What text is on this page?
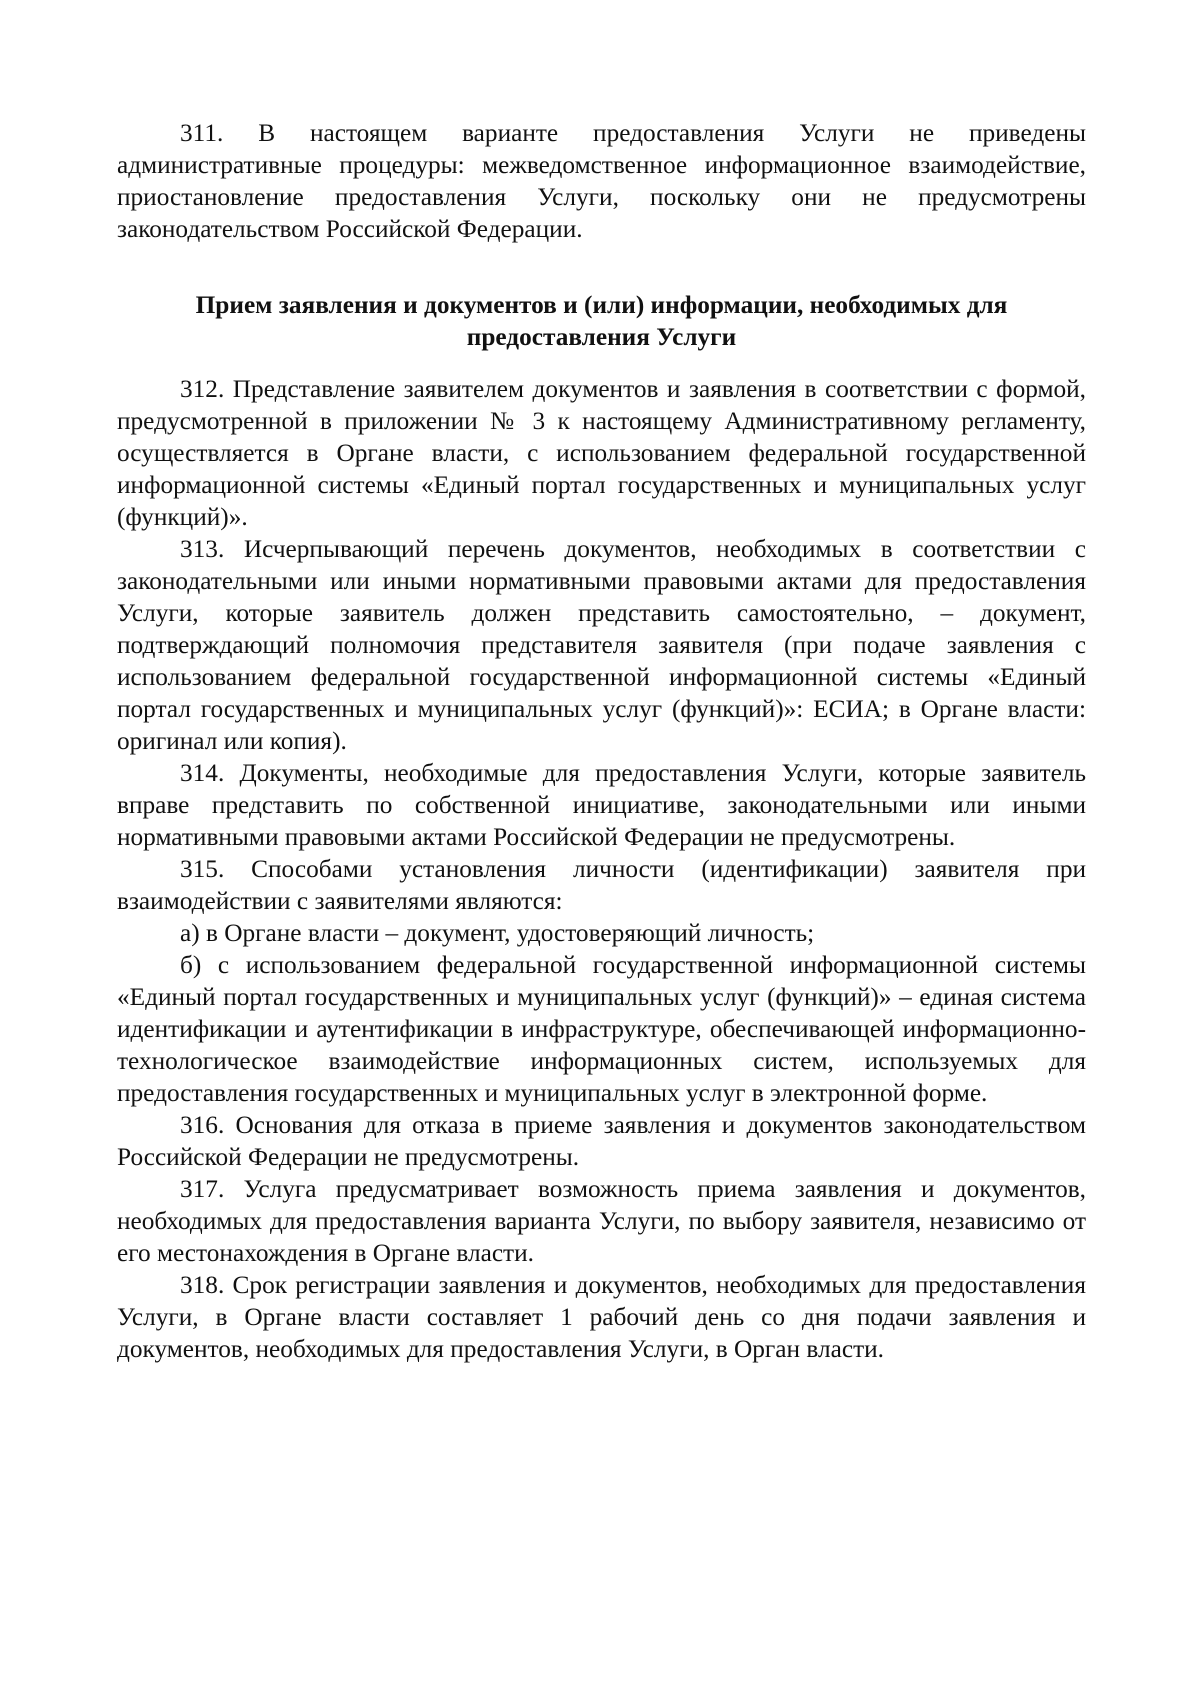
311. В настоящем варианте предоставления Услуги не приведены административные процедуры: межведомственное информационное взаимодействие, приостановление предоставления Услуги, поскольку они не предусмотрены законодательством Российской Федерации.

Прием заявления и документов и (или) информации, необходимых для предоставления Услуги

312. Представление заявителем документов и заявления в соответствии с формой, предусмотренной в приложении № 3 к настоящему Административному регламенту, осуществляется в Органе власти, с использованием федеральной государственной информационной системы «Единый портал государственных и муниципальных услуг (функций)».

313. Исчерпывающий перечень документов, необходимых в соответствии с законодательными или иными нормативными правовыми актами для предоставления Услуги, которые заявитель должен представить самостоятельно, – документ, подтверждающий полномочия представителя заявителя (при подаче заявления с использованием федеральной государственной информационной системы «Единый портал государственных и муниципальных услуг (функций)»: ЕСИА; в Органе власти: оригинал или копия).

314. Документы, необходимые для предоставления Услуги, которые заявитель вправе представить по собственной инициативе, законодательными или иными нормативными правовыми актами Российской Федерации не предусмотрены.

315. Способами установления личности (идентификации) заявителя при взаимодействии с заявителями являются:

а) в Органе власти – документ, удостоверяющий личность;

б) с использованием федеральной государственной информационной системы «Единый портал государственных и муниципальных услуг (функций)» – единая система идентификации и аутентификации в инфраструктуре, обеспечивающей информационно-технологическое взаимодействие информационных систем, используемых для предоставления государственных и муниципальных услуг в электронной форме.

316. Основания для отказа в приеме заявления и документов законодательством Российской Федерации не предусмотрены.

317. Услуга предусматривает возможность приема заявления и документов, необходимых для предоставления варианта Услуги, по выбору заявителя, независимо от его местонахождения в Органе власти.

318. Срок регистрации заявления и документов, необходимых для предоставления Услуги, в Органе власти составляет 1 рабочий день со дня подачи заявления и документов, необходимых для предоставления Услуги, в Орган власти.
